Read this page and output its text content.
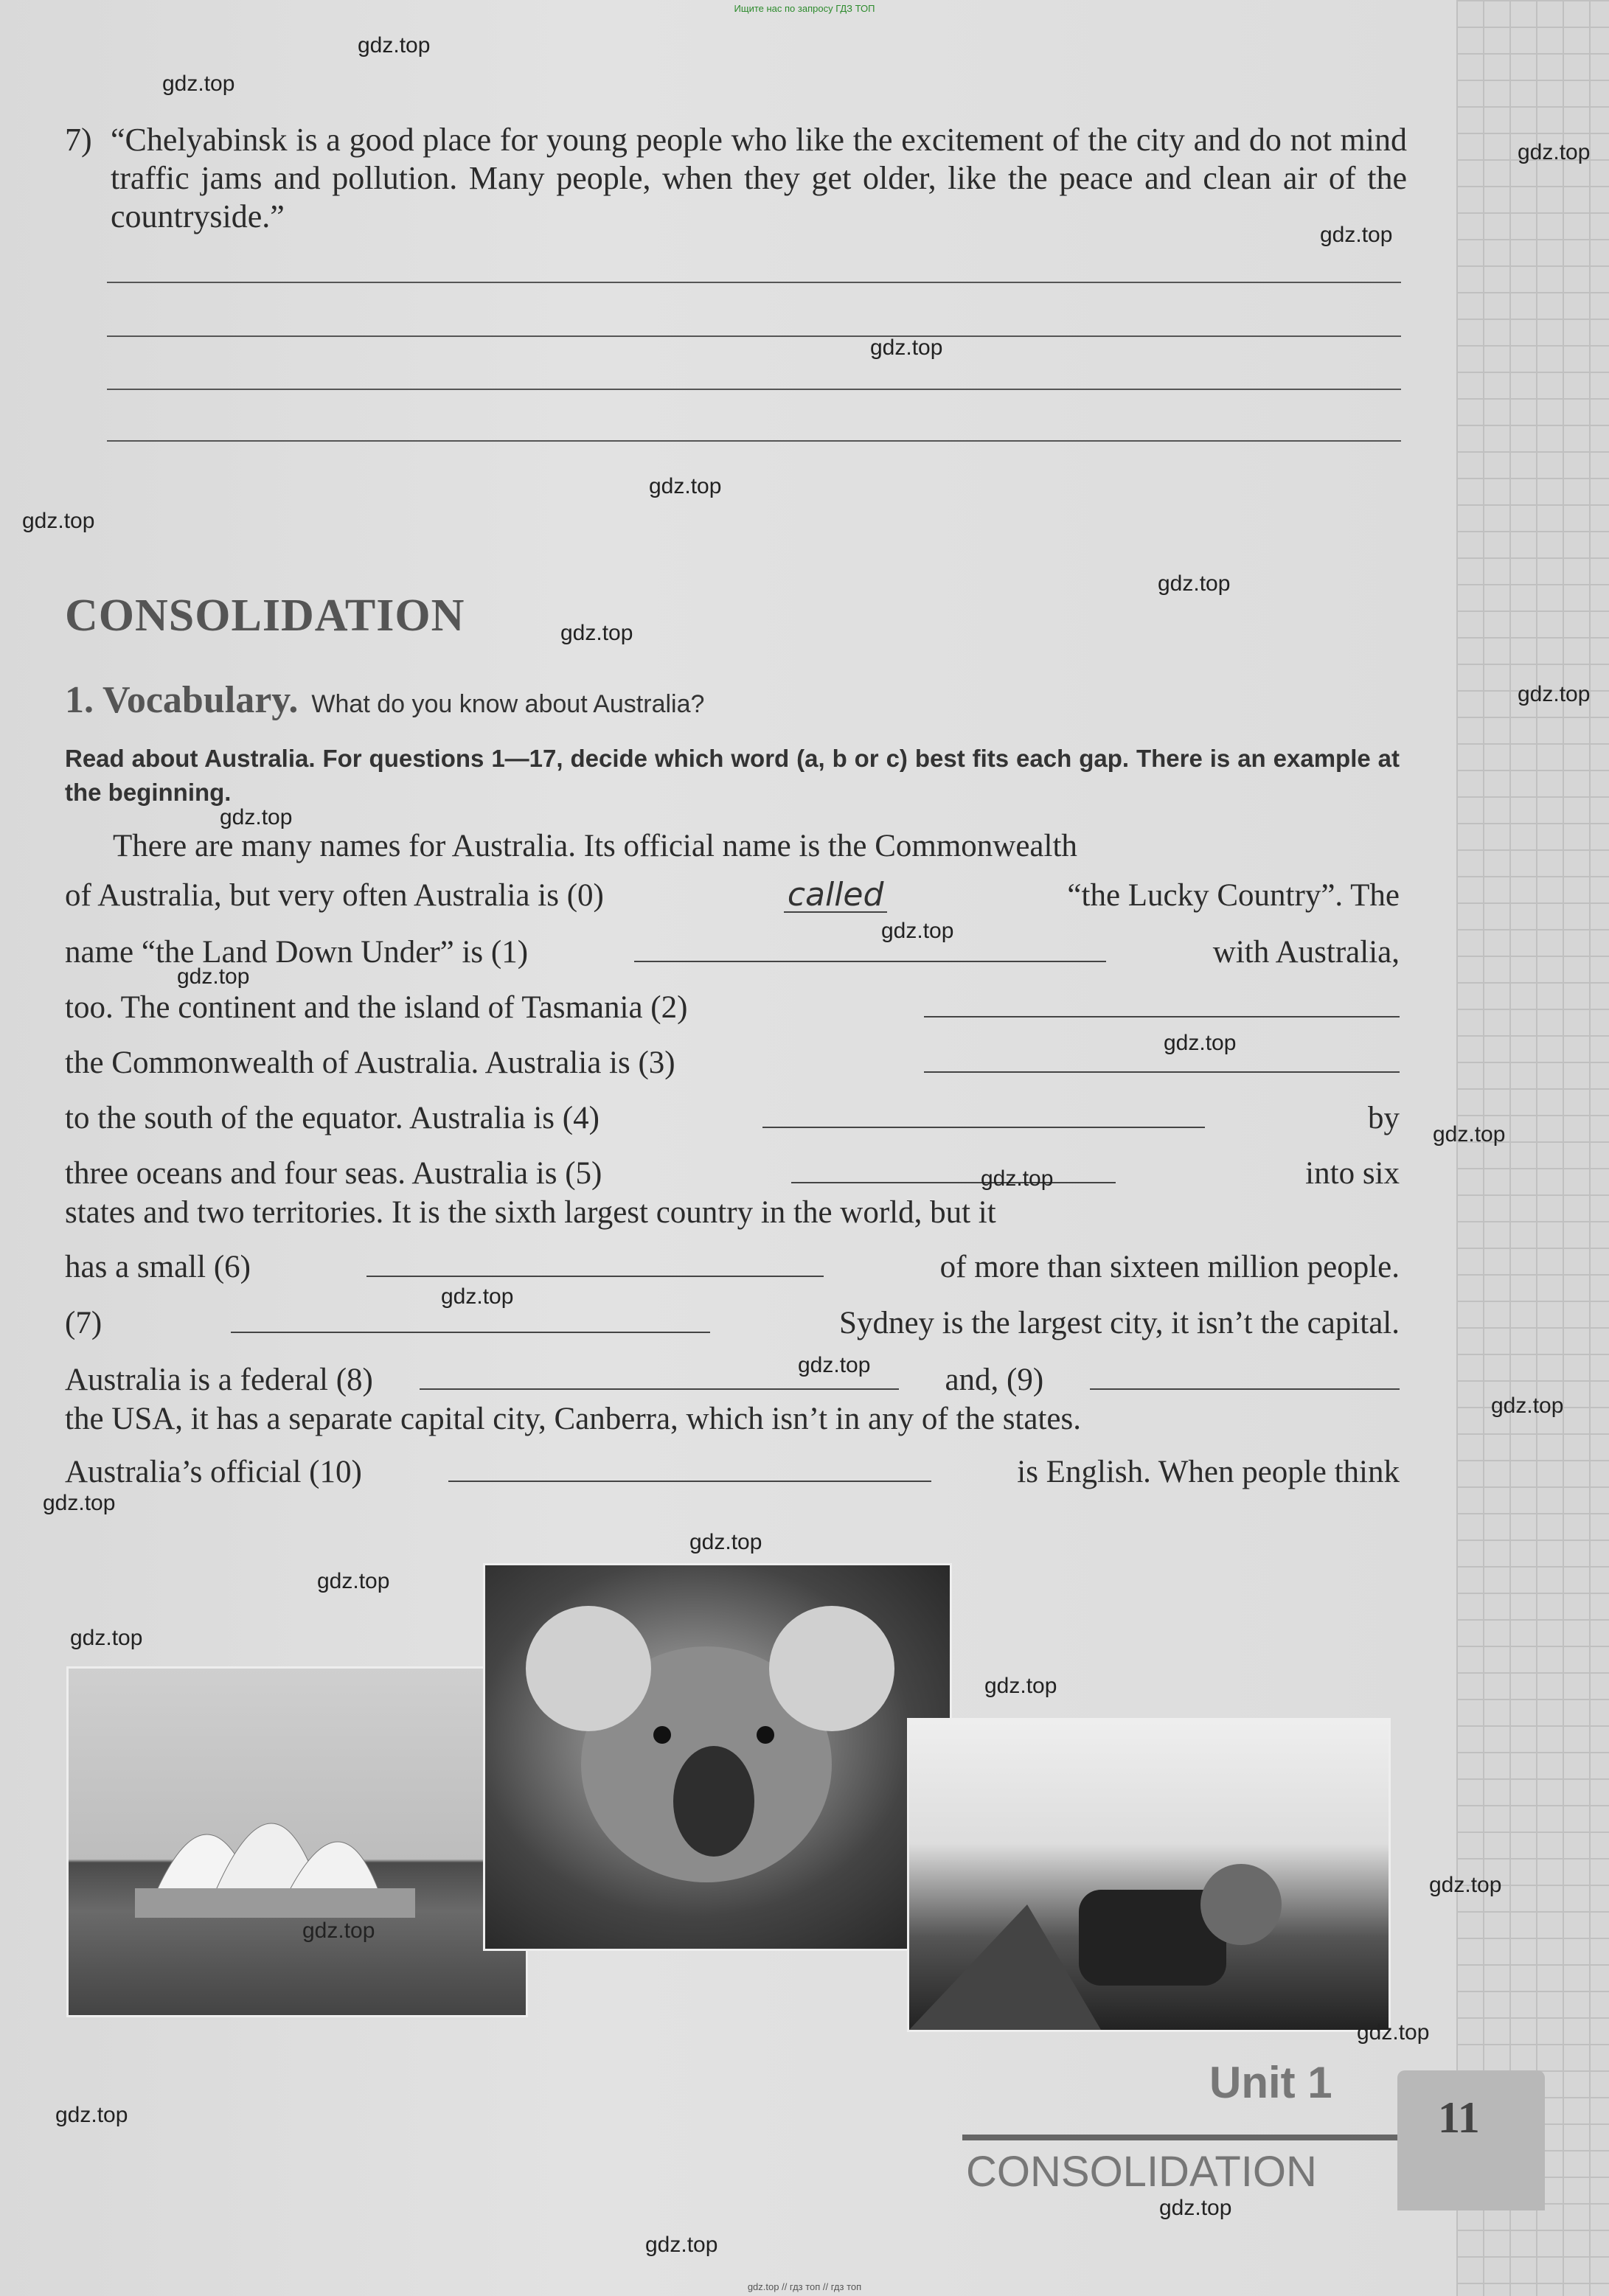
Ищите нас по запросу ГДЗ ТОП
7) “Chelyabinsk is a good place for young people who like the excitement of the city and do not mind traffic jams and pollution. Many people, when they get older, like the peace and clean air of the countryside.”
CONSOLIDATION
1. Vocabulary. What do you know about Australia?
Read about Australia. For questions 1—17, decide which word (a, b or c) best fits each gap. There is an example at the beginning.
There are many names for Australia. Its official name is the Commonwealth
of Australia, but very often Australia is (0)	called	“the Lucky Country”. The
name “the Land Down Under” is (1)	with Australia,
too. The continent and the island of Tasmania (2)
the Commonwealth of Australia. Australia is (3)
to the south of the equator. Australia is (4)	by
three oceans and four seas. Australia is (5)	into six
states and two territories. It is the sixth largest country in the world, but it
has a small (6)	of more than sixteen million people.
(7)	Sydney is the largest city, it isn’t the capital.
Australia is a federal (8)	and, (9)
the USA, it has a separate capital city, Canberra, which isn’t in any of the states.
Australia’s official (10)	is English. When people think
Unit 1
CONSOLIDATION
11
gdz.top
gdz.top
gdz.top
gdz.top
gdz.top
gdz.top
gdz.top
gdz.top
gdz.top
gdz.top
gdz.top
gdz.top
gdz.top
gdz.top
gdz.top
gdz.top
gdz.top
gdz.top
gdz.top
gdz.top
gdz.top
gdz.top
gdz.top
gdz.top
gdz.top
gdz.top
gdz.top
gdz.top
gdz.top
gdz.top
gdz.top // гдз топ // гдз топ
